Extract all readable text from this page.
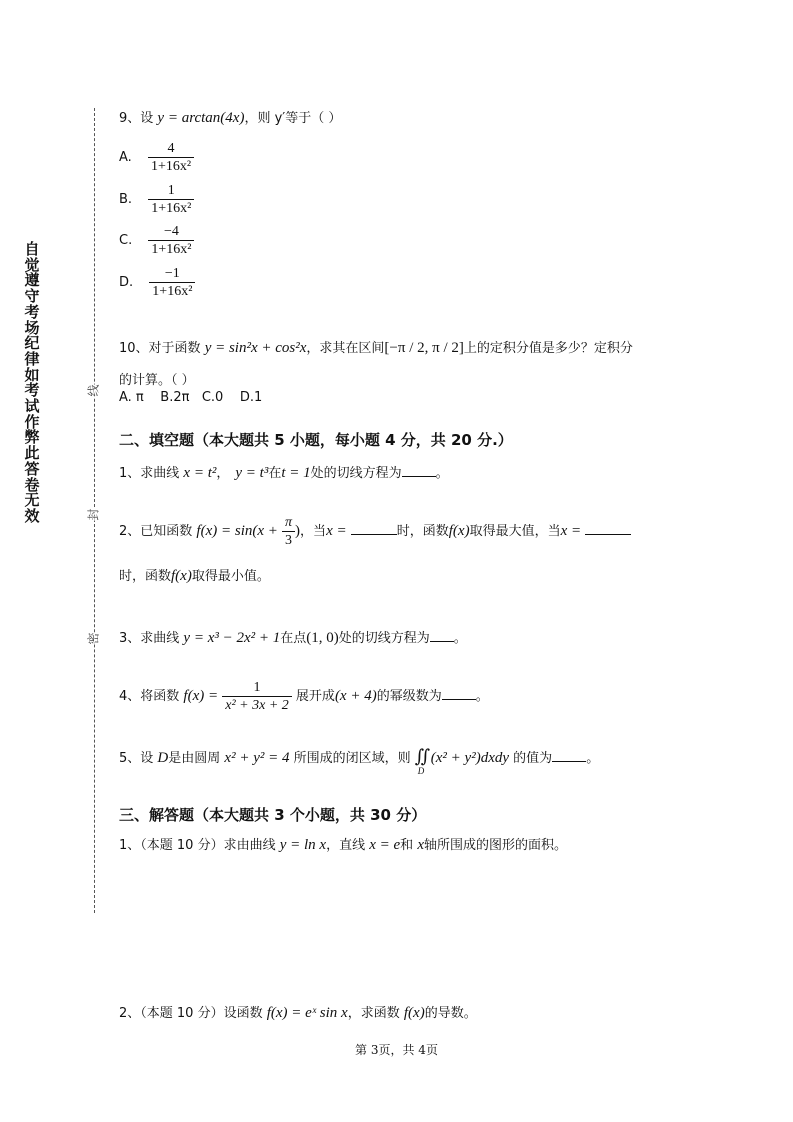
自觉遵守考场纪律如考试作弊此答卷无效
线
封
密
9、设 y = arctan(4x)，则 y′等于（ ）
A. $\frac{4}{\text{1+16x²}}$
B. $\frac{1}{\text{1+16x²}}$
C. $\frac{-4}{\text{1+16x²}}$
D. $\frac{-1}{\text{1+16x²}}$
10、对于函数 y = sin²x + cos²x，求其在区间[−π / 2, π / 2]上的定积分值是多少？定积分
的计算。（ ）
A. π    B.2π   C.0    D.1
二、填空题（本大题共 5 小题，每小题 4 分，共 20 分.）
1、求曲线 x = t²， y = t³在t = 1处的切线方程为	。
2、已知函数 $f(x) = \sin(x + \frac{\pi}{3}$ )，当x =	时，函数f(x)取得最大值，当x =
时，函数f(x)取得最小值。
3、求曲线 y = x³ − 2x² + 1在点(1, 0)处的切线方程为 。
4、将函数 $f(x) = \frac{1}{\text{x² + 3x + 2}}$ 展开成(x + 4)的幂级数为	。
5、设 D是由圆周 x² + y² = 4 所围成的闭区域，则 ∬
D
(x² + y²)dxdy 的值为	。
三、解答题（本大题共 3 个小题，共 30 分）
1、（本题 10 分）求由曲线 y = ln x，直线 x = e和 x轴所围成的图形的面积。
2、（本题 10 分）设函数 f(x) = eˣ sin x，求函数 f(x)的导数。
第 3页，共 4页
